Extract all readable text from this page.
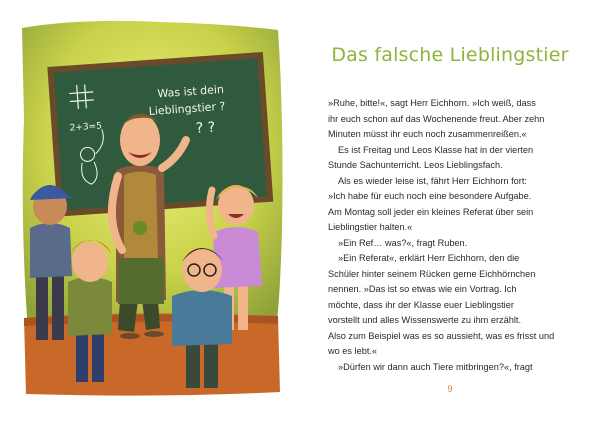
Was ist dein
Lieblingstier ?
? ?
2+3=5
Das falsche Lieblingstier

»Ruhe, bitte!«, sagt Herr Eichhorn. »Ich weiß, dass

ihr euch schon auf das Wochenende freut. Aber zehn

Minuten müsst ihr euch noch zusammenreißen.«

Es ist Freitag und Leos Klasse hat in der vierten

Stunde Sachunterricht. Leos Lieblingsfach.

Als es wieder leise ist, fährt Herr Eichhorn fort:

»Ich habe für euch noch eine besondere Aufgabe.

Am Montag soll jeder ein kleines Referat über sein

Lieblingstier halten.«

»Ein Ref… was?«, fragt Ruben.

»Ein Referat«, erklärt Herr Eichhorn, den die

Schüler hinter seinem Rücken gerne Eichhörnchen

nennen. »Das ist so etwas wie ein Vortrag. Ich

möchte, dass ihr der Klasse euer Lieblingstier

vorstellt und alles Wissenswerte zu ihm erzählt.

Also zum Beispiel was es so aussieht, was es frisst und

wo es lebt.«

»Dürfen wir dann auch Tiere mitbringen?«, fragt

9
